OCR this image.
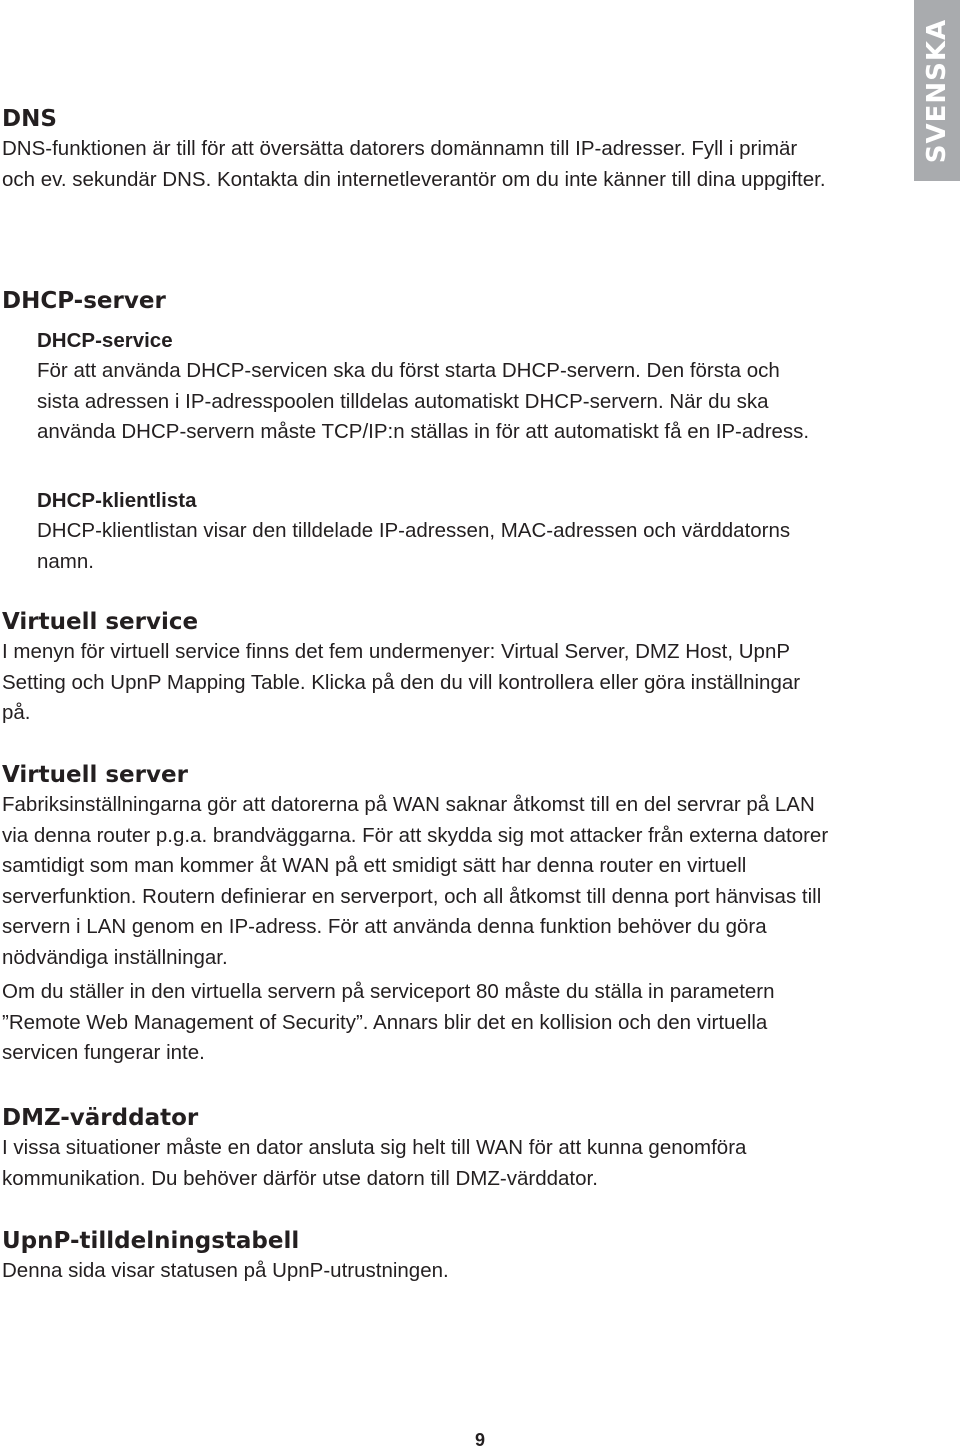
SVENSKA
DNS

DNS-funktionen är till för att översätta datorers domännamn till IP-adresser. Fyll i primär och ev. sekundär DNS. Kontakta din internetleverantör om du inte känner till dina uppgifter.

DHCP-server
DHCP-service

För att använda DHCP-servicen ska du först starta DHCP-servern. Den första och sista adressen i IP-adresspoolen tilldelas automatiskt DHCP-servern. När du ska använda DHCP-servern måste TCP/IP:n ställas in för att automatiskt få en IP-adress.

DHCP-klientlista

DHCP-klientlistan visar den tilldelade IP-adressen, MAC-adressen och värddatorns namn.

Virtuell service

I menyn för virtuell service finns det fem undermenyer: Virtual Server, DMZ Host, UpnP Setting och UpnP Mapping Table. Klicka på den du vill kontrollera eller göra inställningar på.

Virtuell server

Fabriksinställningarna gör att datorerna på WAN saknar åtkomst till en del servrar på LAN via denna router p.g.a. brandväggarna. För att skydda sig mot attacker från externa datorer samtidigt som man kommer åt WAN på ett smidigt sätt har denna router en virtuell serverfunktion. Routern definierar en serverport, och all åtkomst till denna port hänvisas till servern i LAN genom en IP-adress. För att använda denna funktion behöver du göra nödvändiga inställningar.

Om du ställer in den virtuella servern på serviceport 80 måste du ställa in parametern ”Remote Web Management of Security”. Annars blir det en kollision och den virtuella servicen fungerar inte.

DMZ-värddator

I vissa situationer måste en dator ansluta sig helt till WAN för att kunna genomföra kommunikation. Du behöver därför utse datorn till DMZ-värddator.

UpnP-tilldelningstabell

Denna sida visar statusen på UpnP-utrustningen.

9
